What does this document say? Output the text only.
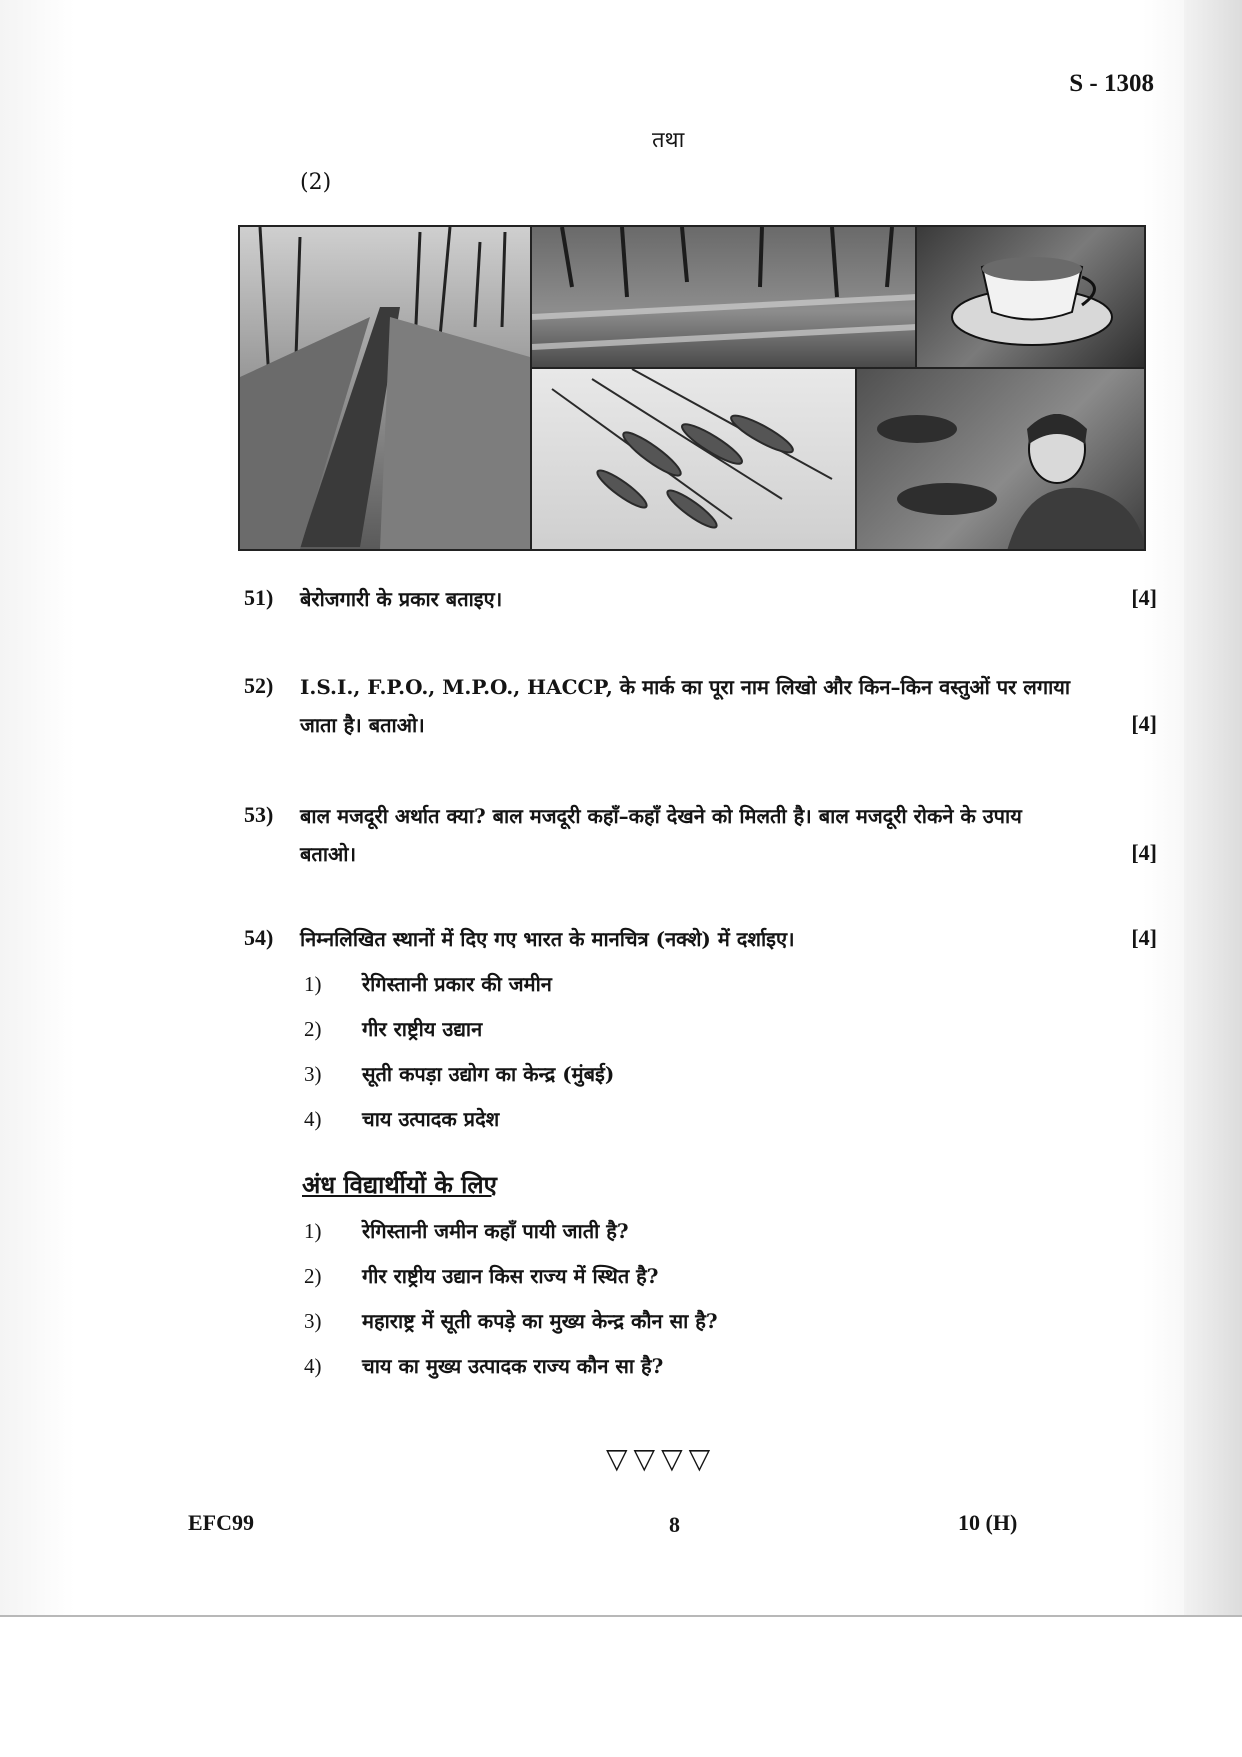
S - 1308
तथा
(2)
51) बेरोजगारी के प्रकार बताइए।	[4]
52) I.S.I., F.P.O., M.P.O., HACCP, के मार्क का पूरा नाम लिखो और किन–किन वस्तुओं पर लगाया
जाता है। बताओ।	[4]
53) बाल मजदूरी अर्थात क्या? बाल मजदूरी कहाँ–कहाँ देखने को मिलती है। बाल मजदूरी रोकने के उपाय
बताओ।	[4]
54) निम्नलिखित स्थानों में दिए गए भारत के मानचित्र (नक्शे) में दर्शाइए।	[4]
1) रेगिस्तानी प्रकार की जमीन
2) गीर राष्ट्रीय उद्यान
3) सूती कपड़ा उद्योग का केन्द्र (मुंबई)
4) चाय उत्पादक प्रदेश
अंध विद्यार्थीयों के लिए
1) रेगिस्तानी जमीन कहाँ पायी जाती है?
2) गीर राष्ट्रीय उद्यान किस राज्य में स्थित है?
3) महाराष्ट्र में सूती कपड़े का मुख्य केन्द्र कौन सा है?
4) चाय का मुख्य उत्पादक राज्य कौन सा है?
▽▽▽▽
EFC99	8	10 (H)
